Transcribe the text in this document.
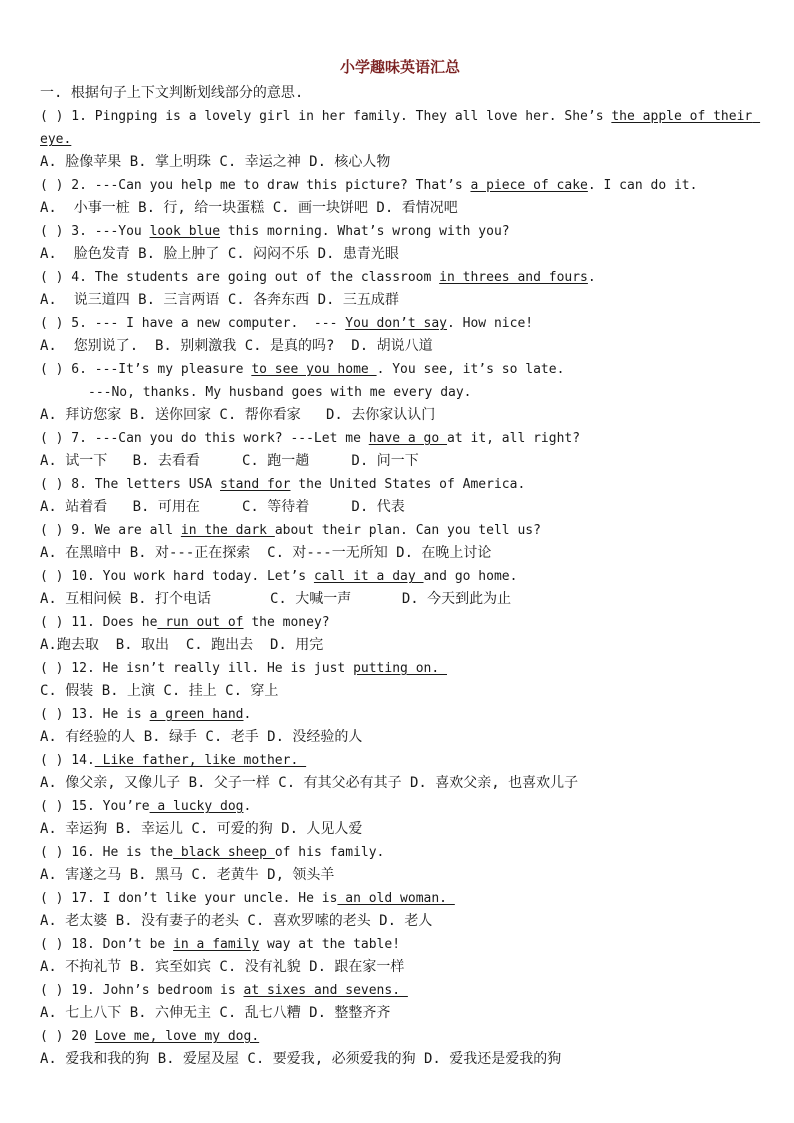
小学趣味英语汇总
一. 根据句子上下文判断划线部分的意思.
( ) 1. Pingping is a lovely girl in her family. They all love her. She’s the apple of their eye.
A. 脸像苹果 B. 掌上明珠 C. 幸运之神 D. 核心人物
( ) 2. ---Can you help me to draw this picture? That’s a piece of cake. I can do it.
A.  小事一桩 B. 行, 给一块蛋糕 C. 画一块饼吧 D. 看情况吧
( ) 3. ---You look blue this morning. What’s wrong with you?
A.  脸色发青 B. 脸上肿了 C. 闷闷不乐 D. 患青光眼
( ) 4. The students are going out of the classroom in threes and fours.
A.  说三道四 B. 三言两语 C. 各奔东西 D. 三五成群
( ) 5. --- I have a new computer.  --- You don’t say. How nice!
A.  您别说了.  B. 别刺激我 C. 是真的吗?  D. 胡说八道
( ) 6. ---It’s my pleasure to see you home . You see, it’s so late.
---No, thanks. My husband goes with me every day.
A. 拜访您家 B. 送你回家 C. 帮你看家   D. 去你家认认门
( ) 7. ---Can you do this work? ---Let me have a go at it, all right?
A. 试一下   B. 去看看     C. 跑一趟     D. 问一下
( ) 8. The letters USA stand for the United States of America.
A. 站着看   B. 可用在     C. 等待着     D. 代表
( ) 9. We are all in the dark about their plan. Can you tell us?
A. 在黑暗中 B. 对---正在探索  C. 对---一无所知 D. 在晚上讨论
( ) 10. You work hard today. Let’s call it a day and go home.
A. 互相问候 B. 打个电话       C. 大喊一声      D. 今天到此为止
( ) 11. Does he run out of the money?
A.跑去取  B. 取出  C. 跑出去  D. 用完
( ) 12. He isn’t really ill. He is just putting on.
C. 假装 B. 上演 C. 挂上 C. 穿上
( ) 13. He is a green hand.
A. 有经验的人 B. 绿手 C. 老手 D. 没经验的人
( ) 14. Like father, like mother.
A. 像父亲, 又像儿子 B. 父子一样 C. 有其父必有其子 D. 喜欢父亲, 也喜欢儿子
( ) 15. You’re a lucky dog.
A. 幸运狗 B. 幸运儿 C. 可爱的狗 D. 人见人爱
( ) 16. He is the black sheep of his family.
A. 害遂之马 B. 黑马 C. 老黄牛 D, 领头羊
( ) 17. I don’t like your uncle. He is an old woman.
A. 老太婆 B. 没有妻子的老头 C. 喜欢罗嗦的老头 D. 老人
( ) 18. Don’t be in a family way at the table!
A. 不拘礼节 B. 宾至如宾 C. 没有礼貌 D. 跟在家一样
( ) 19. John’s bedroom is at sixes and sevens.
A. 七上八下 B. 六伸无主 C. 乱七八糟 D. 整整齐齐
( ) 20 Love me, love my dog.
A. 爱我和我的狗 B. 爱屋及屋 C. 要爱我, 必须爱我的狗 D. 爱我还是爱我的狗
